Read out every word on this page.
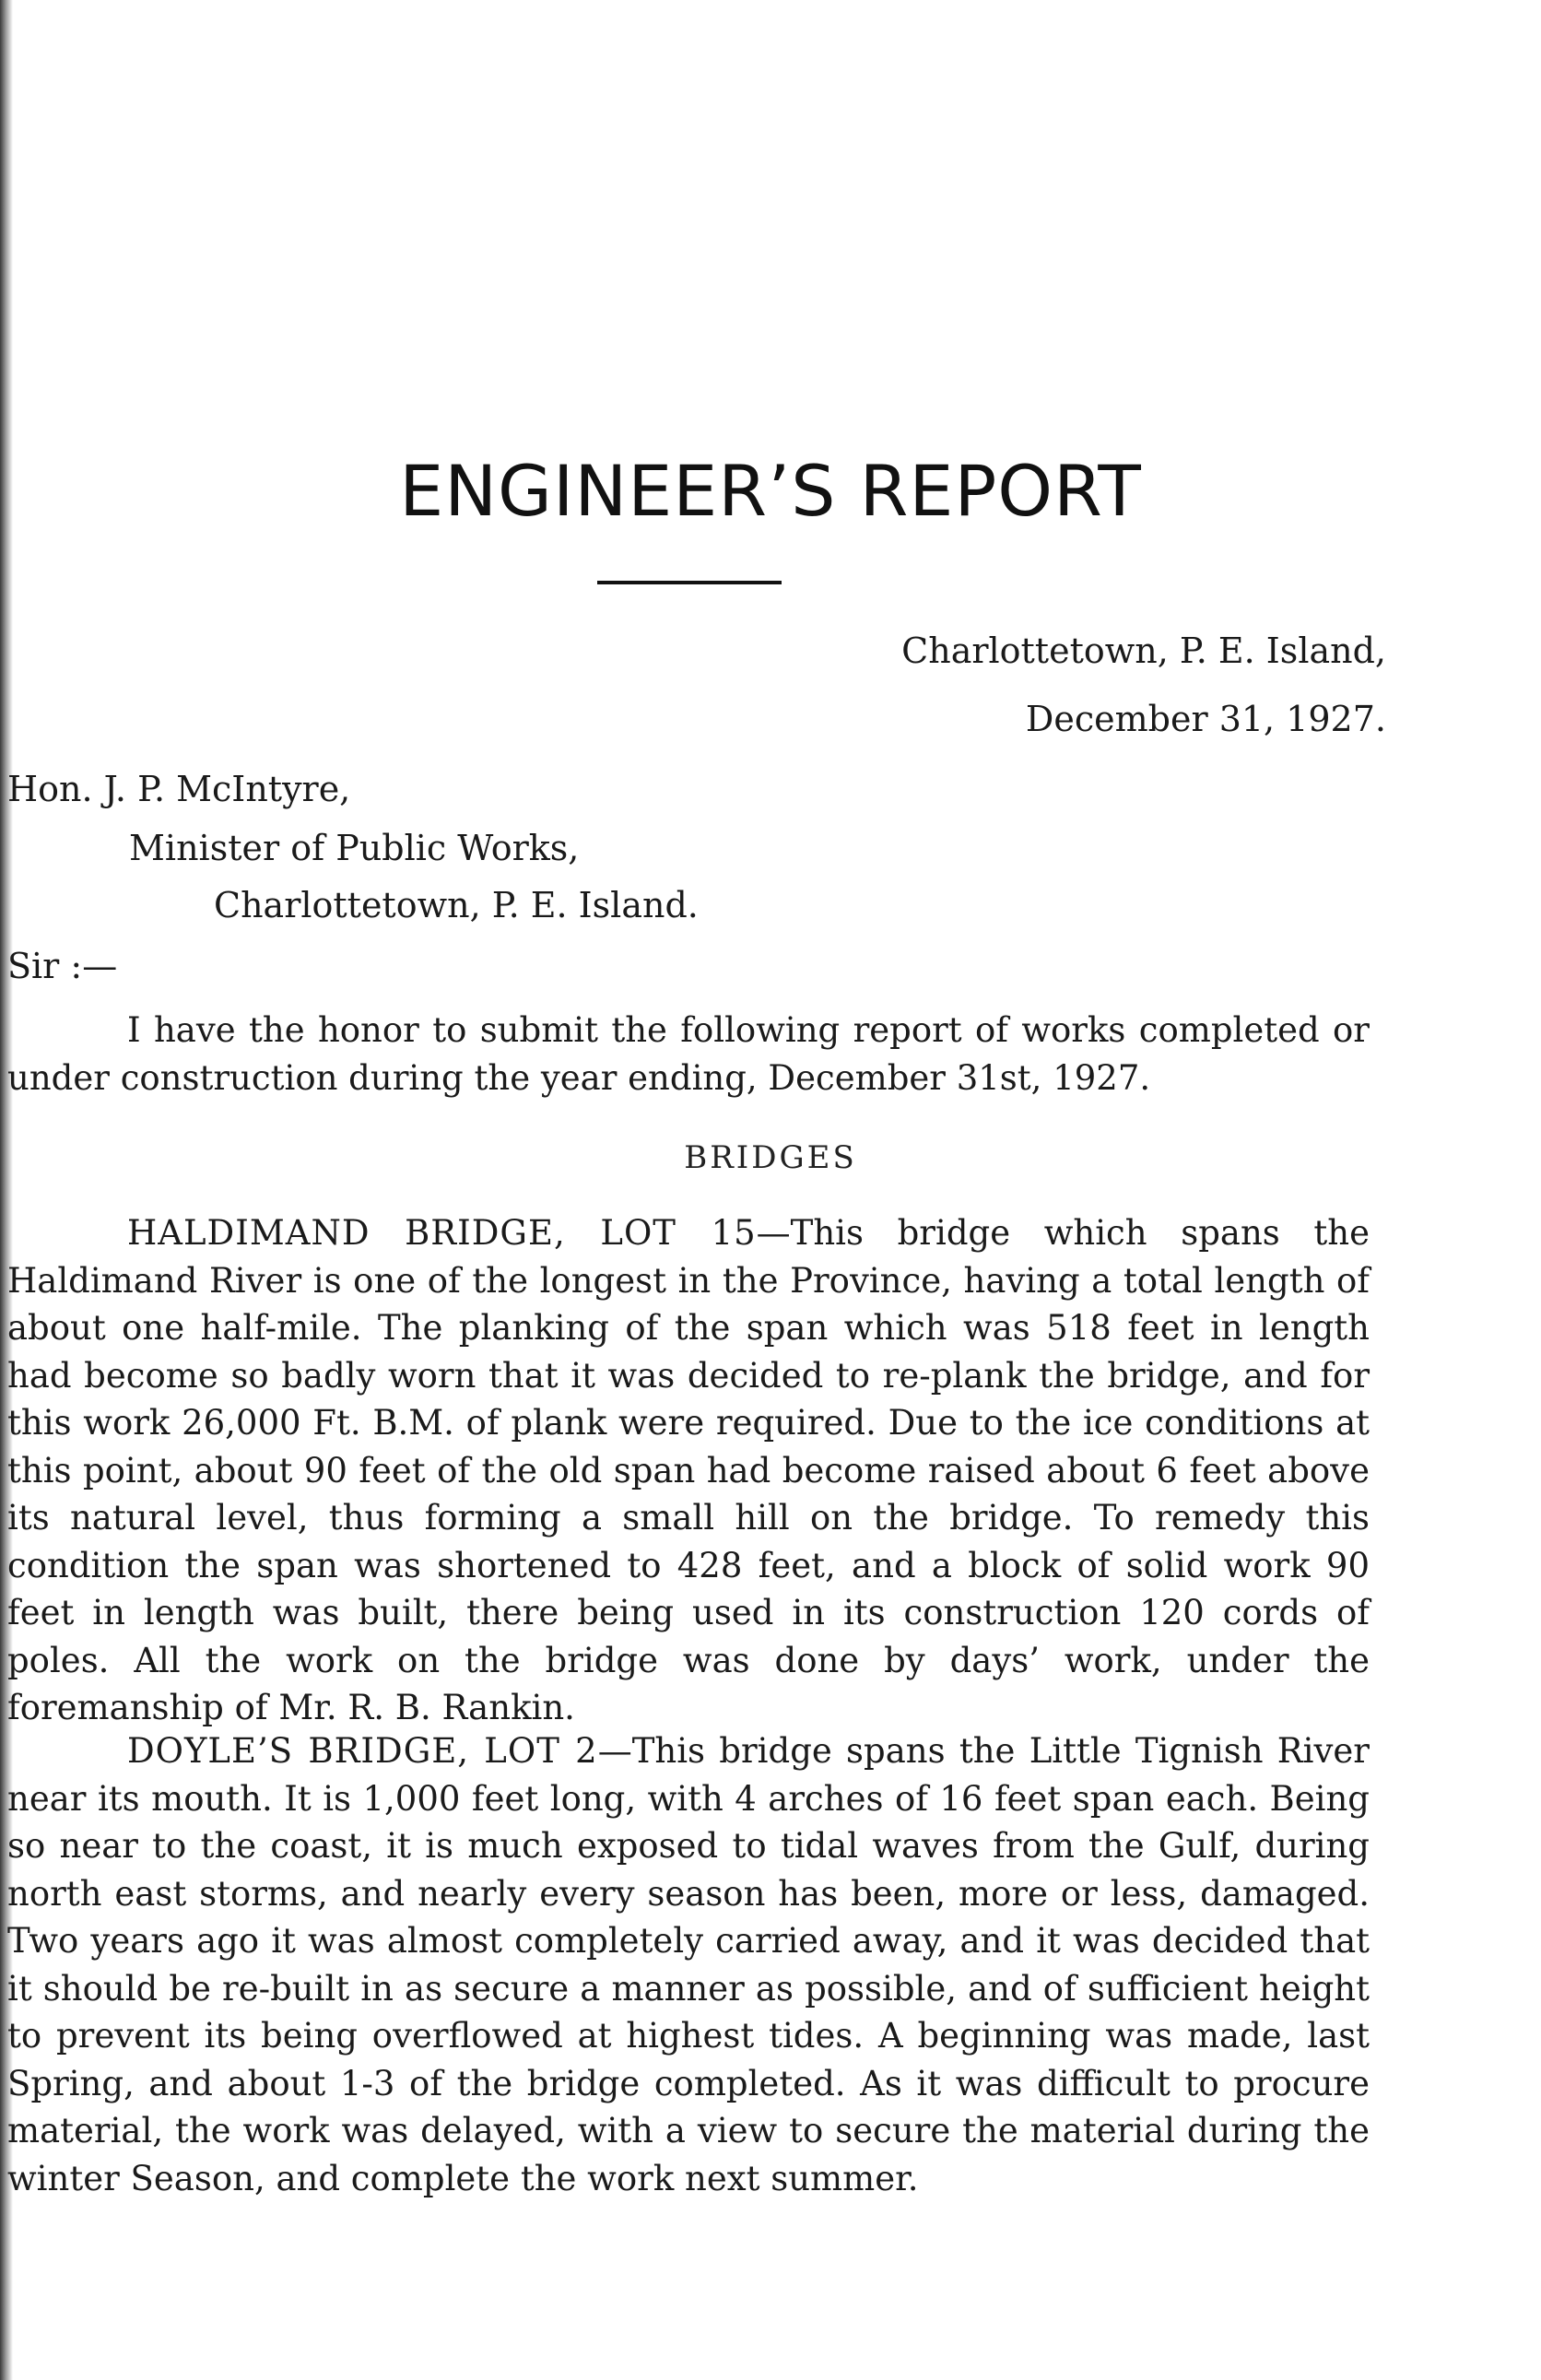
ENGINEER’S REPORT
Charlottetown, P. E. Island,
December 31, 1927.
Hon. J. P. McIntyre,
Minister of Public Works,
Charlottetown, P. E. Island.
Sir :—
I have the honor to submit the following report of works completed or under construction during the year ending, December 31st, 1927.
BRIDGES
HALDIMAND BRIDGE, LOT 15—This bridge which spans the Haldimand River is one of the longest in the Province, having a total length of about one half-mile. The planking of the span which was 518 feet in length had become so badly worn that it was decided to re-plank the bridge, and for this work 26,000 Ft. B.M. of plank were required. Due to the ice conditions at this point, about 90 feet of the old span had become raised about 6 feet above its natural level, thus forming a small hill on the bridge. To remedy this condition the span was shortened to 428 feet, and a block of solid work 90 feet in length was built, there being used in its construction 120 cords of poles. All the work on the bridge was done by days’ work, under the foremanship of Mr. R. B. Rankin.
DOYLE’S BRIDGE, LOT 2—This bridge spans the Little Tignish River near its mouth. It is 1,000 feet long, with 4 arches of 16 feet span each. Being so near to the coast, it is much exposed to tidal waves from the Gulf, during north east storms, and nearly every season has been, more or less, damaged. Two years ago it was almost completely carried away, and it was decided that it should be re-built in as secure a manner as possible, and of sufficient height to prevent its being overflowed at highest tides. A beginning was made, last Spring, and about 1-3 of the bridge completed. As it was difficult to procure material, the work was delayed, with a view to secure the material during the winter Season, and complete the work next summer.
